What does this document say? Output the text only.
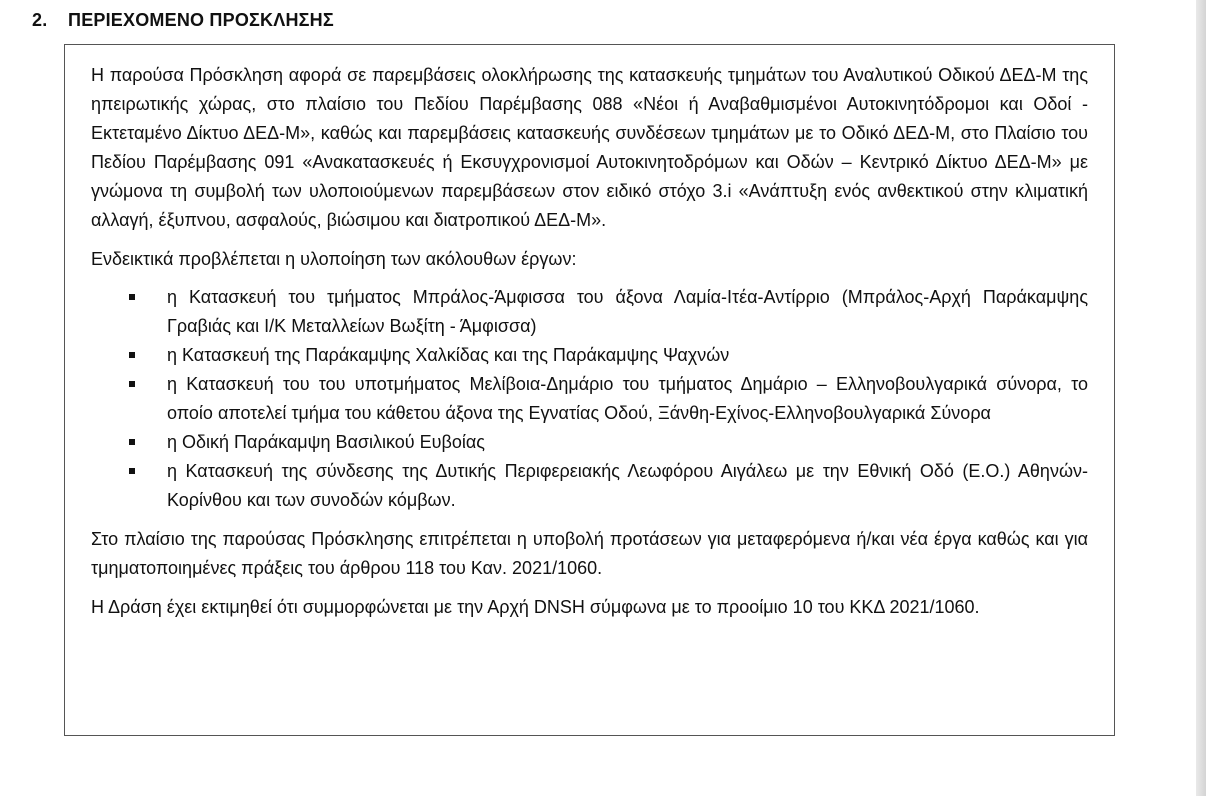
2. ΠΕΡΙΕΧΟΜΕΝΟ ΠΡΟΣΚΛΗΣΗΣ

Η παρούσα Πρόσκληση αφορά σε παρεμβάσεις ολοκλήρωσης της κατασκευής τμημάτων του Αναλυτικού Οδικού ΔΕΔ-Μ της ηπειρωτικής χώρας, στο πλαίσιο του Πεδίου Παρέμβασης 088 «Νέοι ή Αναβαθμισμένοι Αυτοκινητόδρομοι και Οδοί - Εκτεταμένο Δίκτυο ΔΕΔ-Μ», καθώς και παρεμβάσεις κατασκευής συνδέσεων τμημάτων με το Οδικό ΔΕΔ-Μ, στο Πλαίσιο του Πεδίου Παρέμβασης 091 «Ανακατασκευές ή Εκσυγχρονισμοί Αυτοκινητοδρόμων και Οδών – Κεντρικό Δίκτυο ΔΕΔ-Μ» με γνώμονα τη συμβολή των υλοποιούμενων παρεμβάσεων στον ειδικό στόχο 3.i «Ανάπτυξη ενός ανθεκτικού στην κλιματική αλλαγή, έξυπνου, ασφαλούς, βιώσιμου και διατροπικού ΔΕΔ-Μ».

Ενδεικτικά προβλέπεται η υλοποίηση των ακόλουθων έργων:

η Κατασκευή του τμήματος Μπράλος-Άμφισσα του άξονα Λαμία-Ιτέα-Αντίρριο (Μπράλος-Αρχή Παράκαμψης Γραβιάς και Ι/Κ Μεταλλείων Βωξίτη - Άμφισσα)
η Κατασκευή της Παράκαμψης Χαλκίδας και της Παράκαμψης Ψαχνών
η Κατασκευή του του υποτμήματος Μελίβοια-Δημάριο του τμήματος Δημάριο – Ελληνοβουλγαρικά σύνορα, το οποίο αποτελεί τμήμα του κάθετου άξονα της Εγνατίας Οδού, Ξάνθη-Εχίνος-Ελληνοβουλγαρικά Σύνορα
η Οδική Παράκαμψη Βασιλικού Ευβοίας
η Κατασκευή της σύνδεσης της Δυτικής Περιφερειακής Λεωφόρου Αιγάλεω με την Εθνική Οδό (Ε.Ο.) Αθηνών-Κορίνθου και των συνοδών κόμβων.

Στο πλαίσιο της παρούσας Πρόσκλησης επιτρέπεται η υποβολή προτάσεων για μεταφερόμενα ή/και νέα έργα καθώς και για τμηματοποιημένες πράξεις του άρθρου 118 του Καν. 2021/1060.

Η Δράση έχει εκτιμηθεί ότι συμμορφώνεται με την Αρχή DNSH σύμφωνα με το προοίμιο 10 του ΚΚΔ 2021/1060.
